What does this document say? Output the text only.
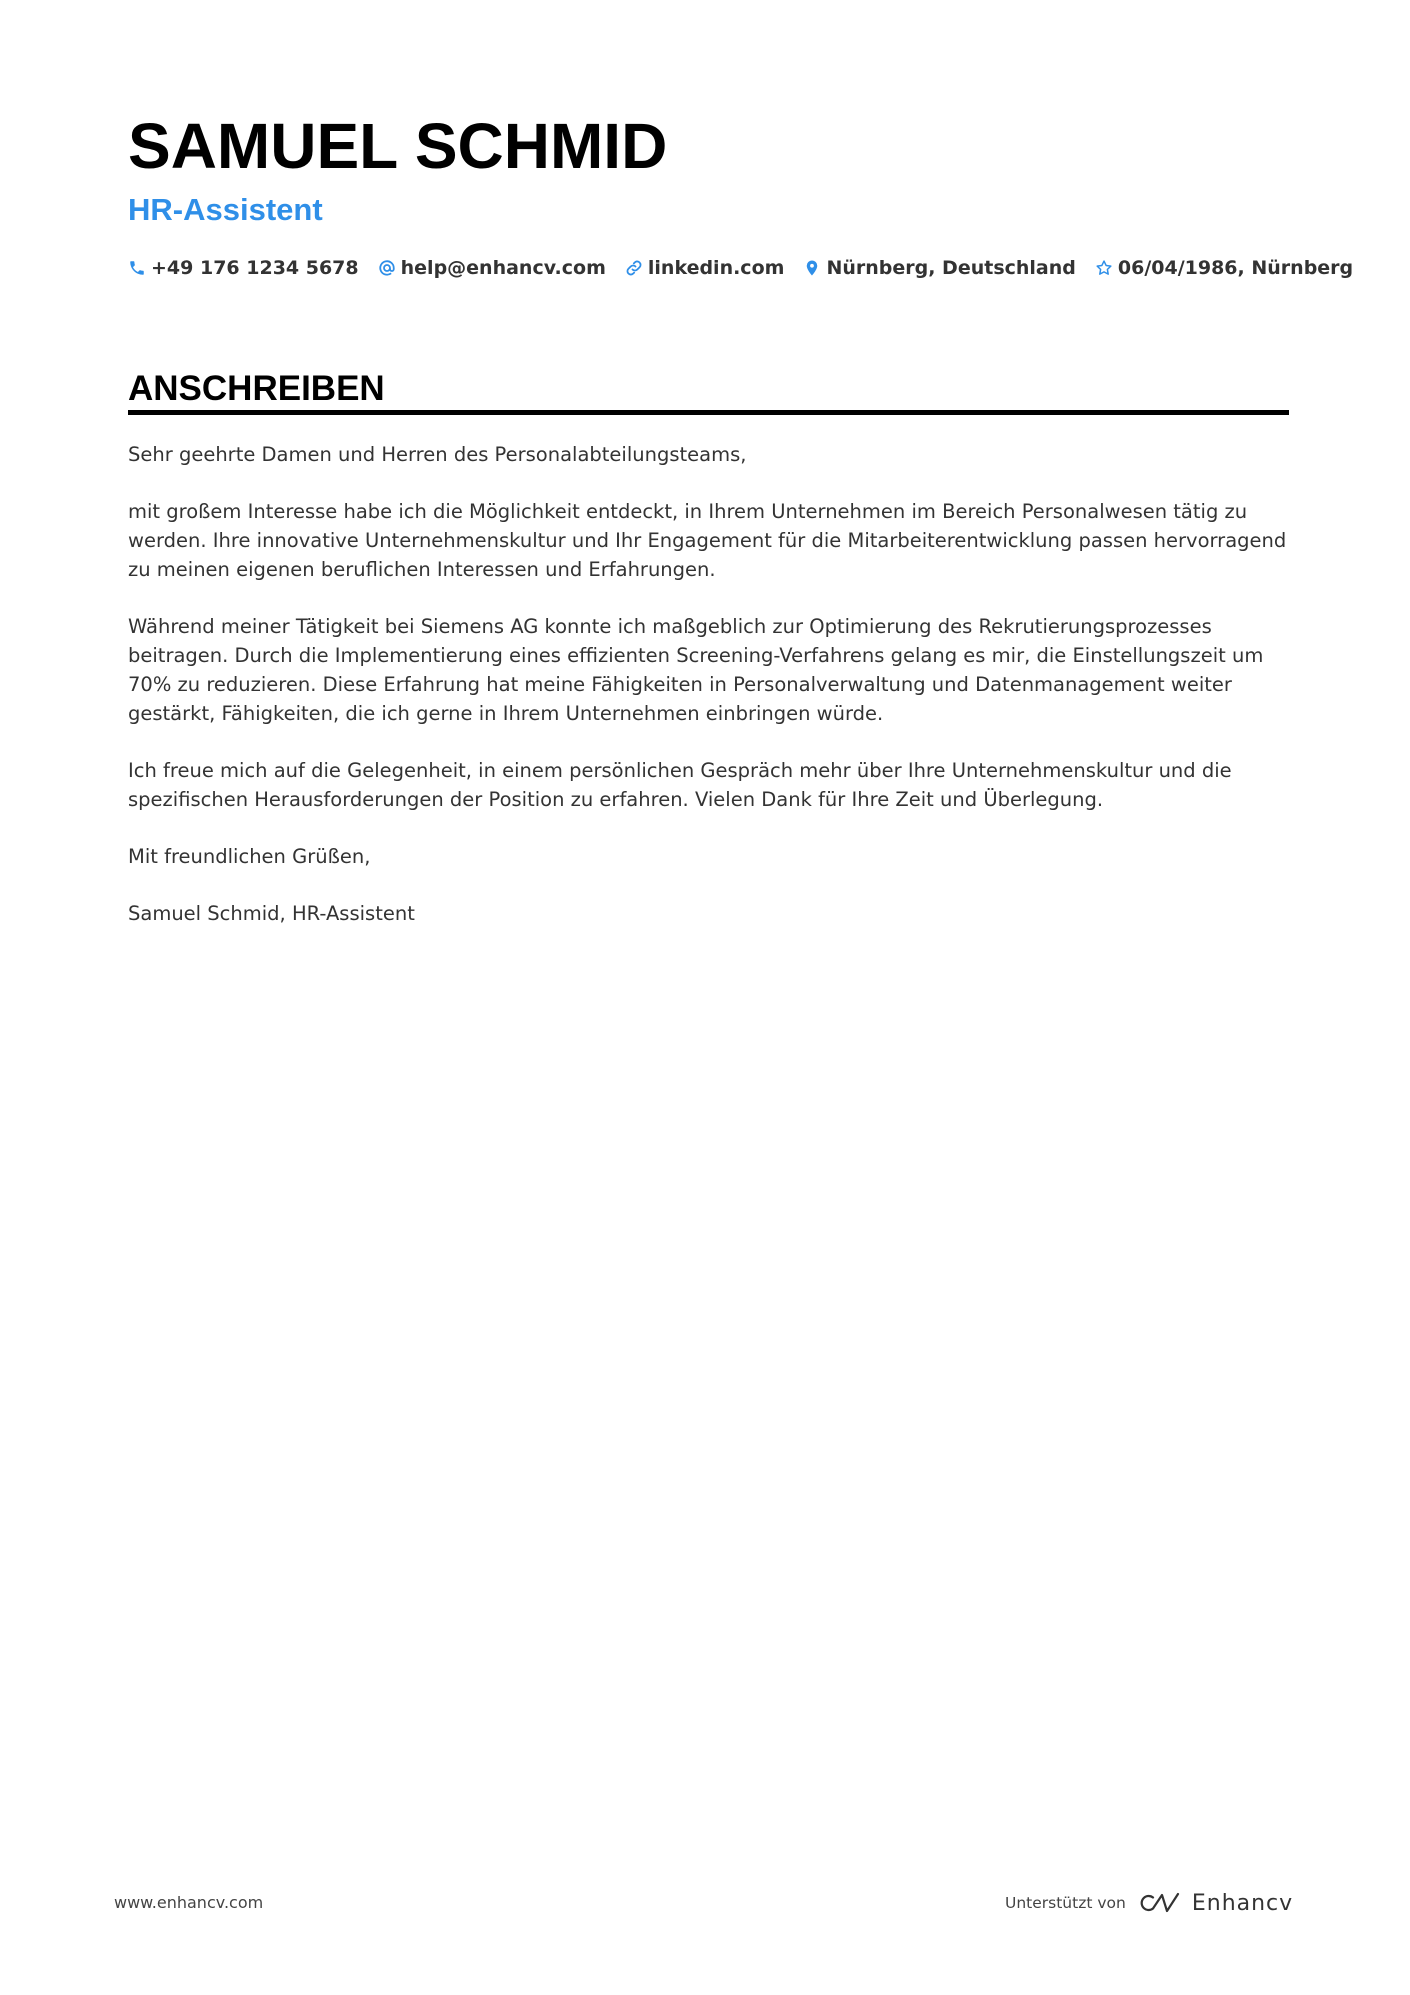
SAMUEL SCHMID
HR-Assistent
+49 176 1234 5678 help@enhancv.com linkedin.com Nürnberg, Deutschland 06/04/1986, Nürnberg
ANSCHREIBEN

Sehr geehrte Damen und Herren des Personalabteilungsteams,

mit großem Interesse habe ich die Möglichkeit entdeckt, in Ihrem Unternehmen im Bereich Personalwesen tätig zu werden. Ihre innovative Unternehmenskultur und Ihr Engagement für die Mitarbeiterentwicklung passen hervorragend zu meinen eigenen beruflichen Interessen und Erfahrungen.

Während meiner Tätigkeit bei Siemens AG konnte ich maßgeblich zur Optimierung des Rekrutierungsprozesses beitragen. Durch die Implementierung eines effizienten Screening-Verfahrens gelang es mir, die Einstellungszeit um 70% zu reduzieren. Diese Erfahrung hat meine Fähigkeiten in Personalverwaltung und Datenmanagement weiter gestärkt, Fähigkeiten, die ich gerne in Ihrem Unternehmen einbringen würde.

Ich freue mich auf die Gelegenheit, in einem persönlichen Gespräch mehr über Ihre Unternehmenskultur und die spezifischen Herausforderungen der Position zu erfahren. Vielen Dank für Ihre Zeit und Überlegung.

Mit freundlichen Grüßen,

Samuel Schmid, HR-Assistent

www.enhancv.com	Unterstützt von	Enhancv
